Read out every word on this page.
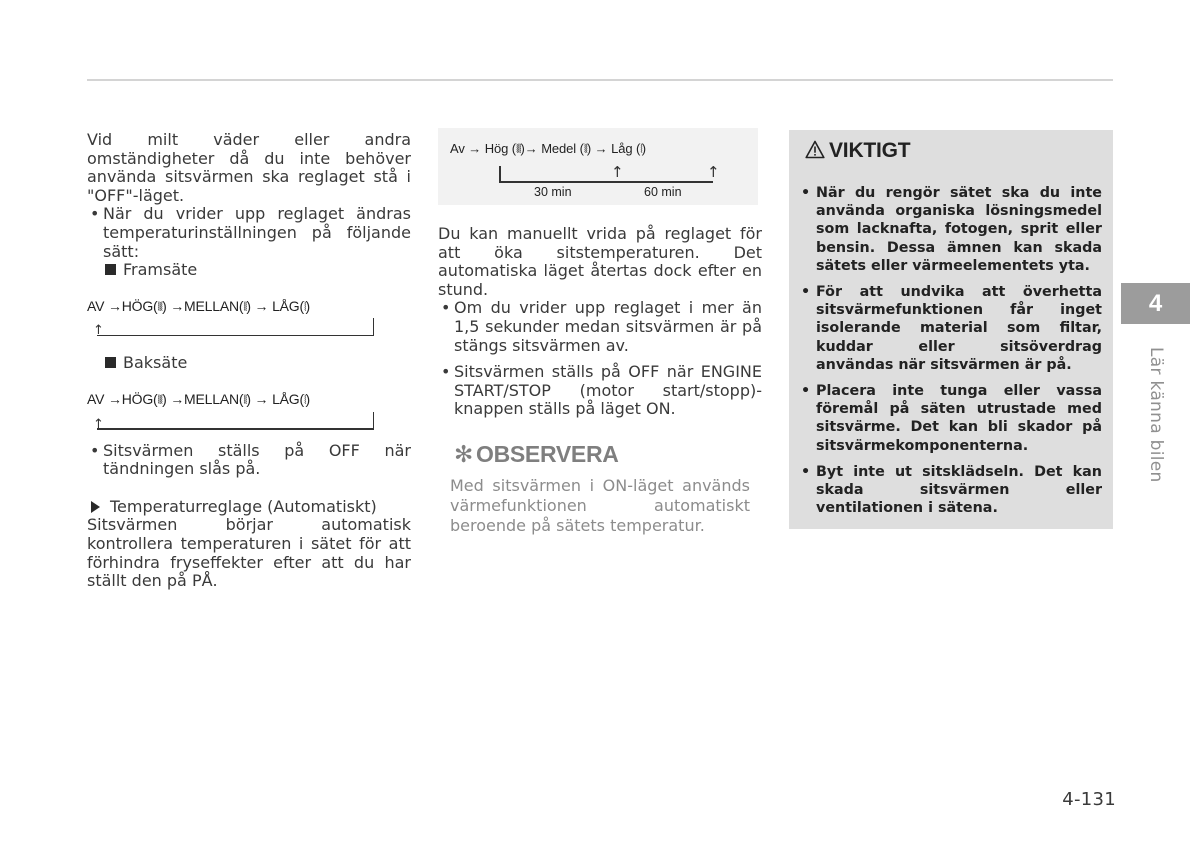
Vid milt väder eller andra omständigheter då du inte behöver använda sitsvärmen ska reglaget stå i "OFF"-läget.
• När du vrider upp reglaget ändras temperaturinställningen på följande sätt:
Framsäte
AV →HÖG(⦚⦚⦚) →MELLAN(⦚⦚) → LÅG(⦚)
↑
Baksäte
AV →HÖG(⦚⦚⦚) →MELLAN(⦚⦚) → LÅG(⦚)
↑
• Sitsvärmen ställs på OFF när tändningen slås på.
Temperaturreglage (Automatiskt)
Sitsvärmen börjar automatisk kontrollera temperaturen i sätet för att förhindra fryseffekter efter att du har ställt den på PÅ.
Av → Hög (⦚⦚⦚)→ Medel (⦚⦚) → Låg (⦚)
↑	↑
30 min	60 min
Du kan manuellt vrida på reglaget för att öka sitstemperaturen. Det automatiska läget återtas dock efter en stund.
• Om du vrider upp reglaget i mer än 1,5 sekunder medan sitsvärmen är på stängs sitsvärmen av.
• Sitsvärmen ställs på OFF när ENGINE START/STOP (motor start/stopp)-knappen ställs på läget ON.
✻ OBSERVERA
Med sitsvärmen i ON-läget används värmefunktionen automatiskt beroende på sätets temperatur.
VIKTIGT
• När du rengör sätet ska du inte använda organiska lösningsmedel som lacknafta, fotogen, sprit eller bensin. Dessa ämnen kan skada sätets eller värmeelementets yta.
• För att undvika att överhetta sitsvärmefunktionen får inget isolerande material som filtar, kuddar eller sitsöverdrag användas när sitsvärmen är på.
• Placera inte tunga eller vassa föremål på säten utrustade med sitsvärme. Det kan bli skador på sitsvärmekomponenterna.
• Byt inte ut sitsklädseln. Det kan skada sitsvärmen eller ventilationen i sätena.
4
Lär känna bilen
4-131
